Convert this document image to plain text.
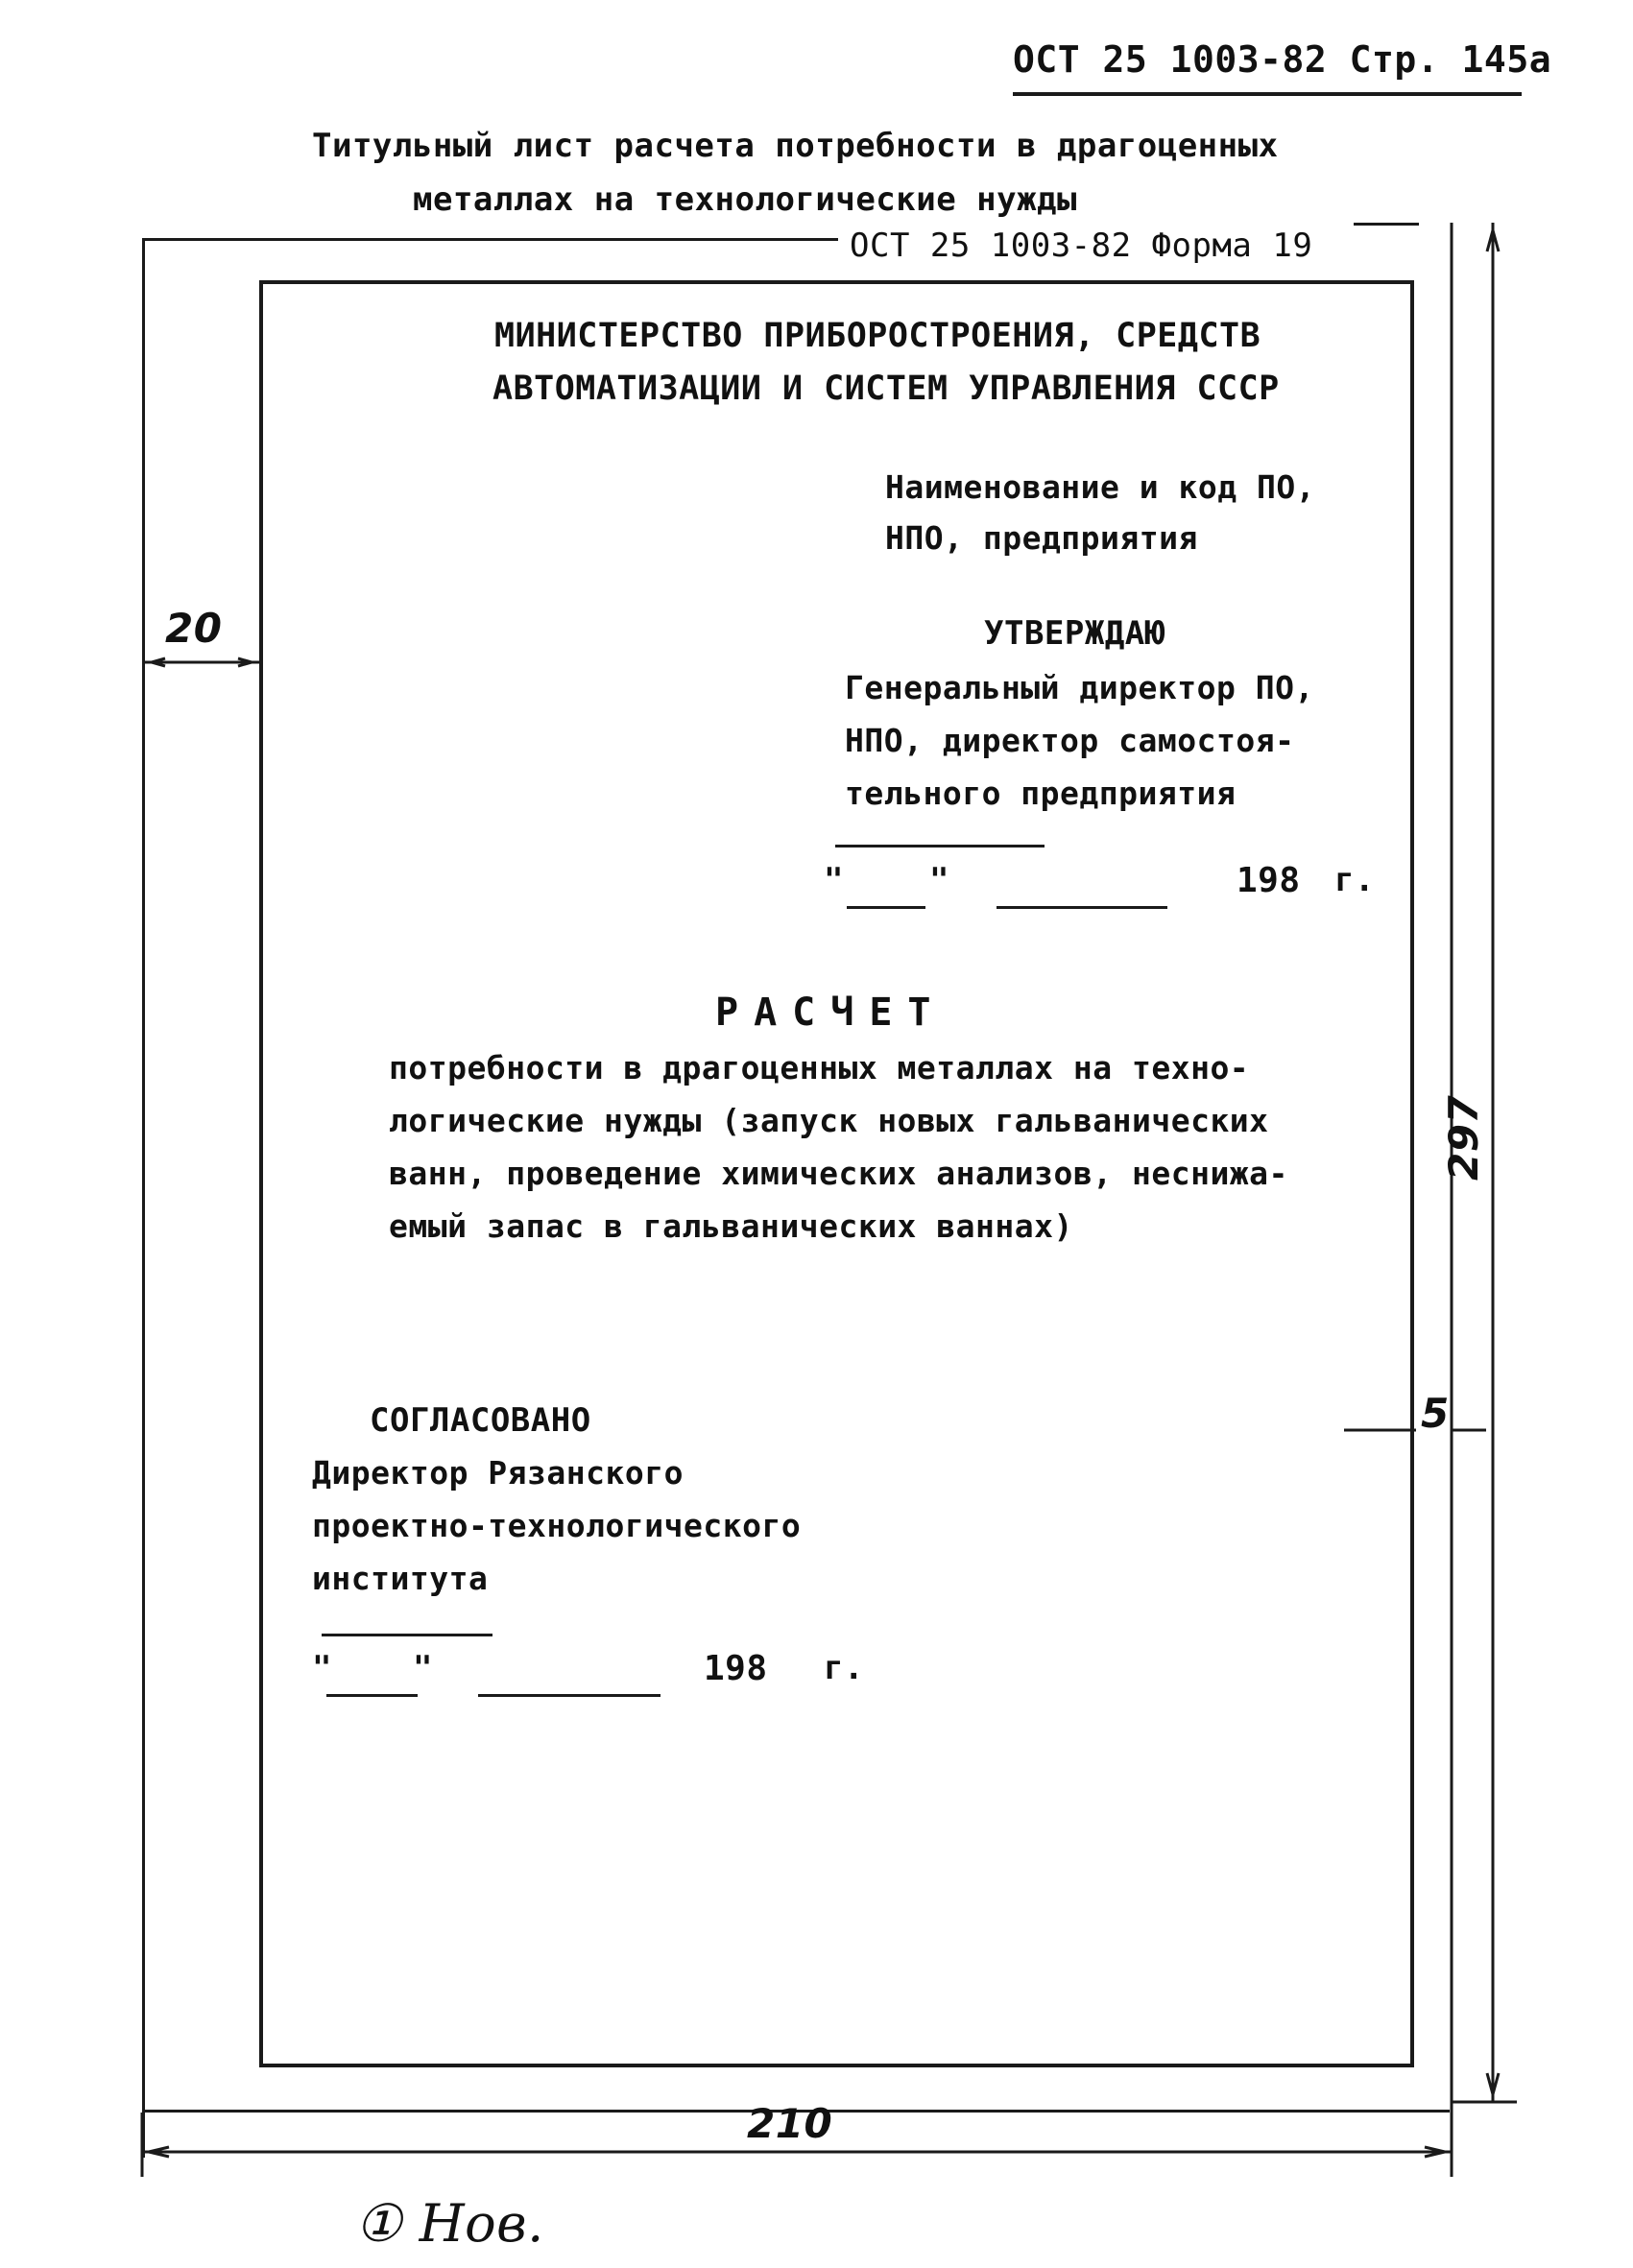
ОСТ 25 1003-82 Стр. 145а
Титульный лист расчета потребности в драгоценных
металлах на технологические нужды
ОСТ 25 1003-82 Форма 19
МИНИСТЕРСТВО ПРИБОРОСТРОЕНИЯ, СРЕДСТВ
АВТОМАТИЗАЦИИ И СИСТЕМ УПРАВЛЕНИЯ СССР
Наименование и код ПО,
НПО, предприятия
УТВЕРЖДАЮ
Генеральный директор ПО,
НПО, директор самостоя-
тельного предприятия
"	"	198 г.
РАСЧЕТ
потребности в драгоценных металлах на техно-
логические нужды (запуск новых гальванических
ванн, проведение химических анализов, неснижа-
емый запас в гальванических ваннах)
СОГЛАСОВАНО
Директор Рязанского
проектно-технологического
института
" "	198 г.
20
297
5
210
① Нов.
